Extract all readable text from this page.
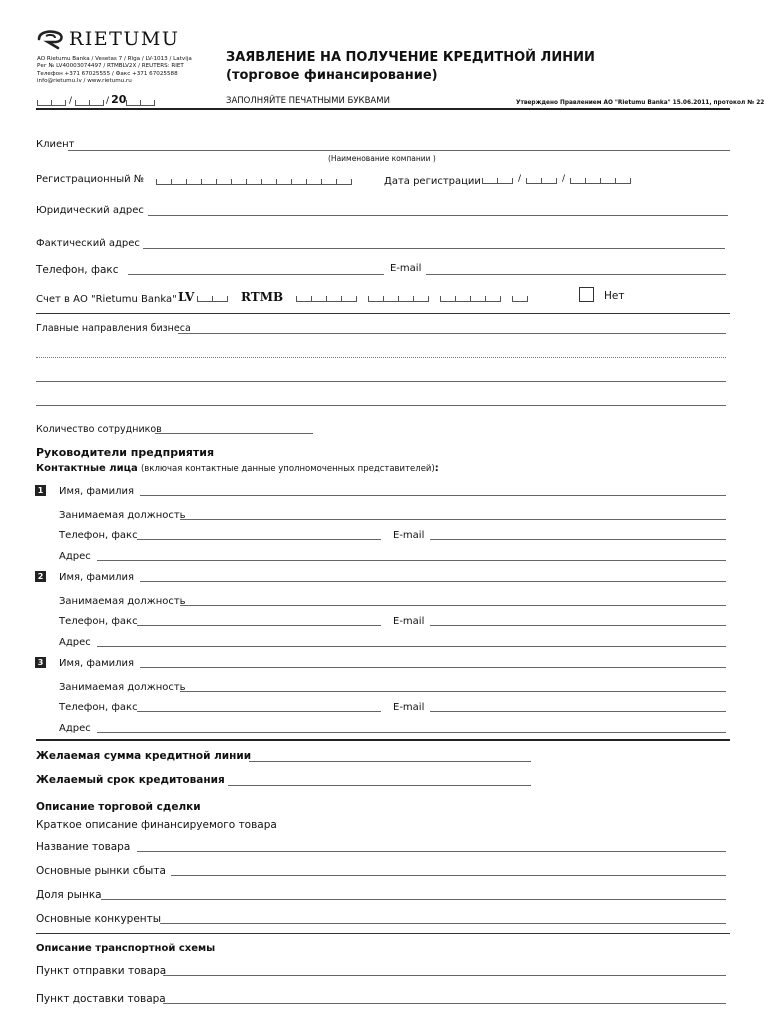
RIETUMU
AO Rietumu Banka / Vesetas 7 / Rīga / LV-1013 / Latvija
Рег № LV40003074497 / RTMBLV2X / REUTERS: RIET
Телефон +371 67025555 / Факс +371 67025588
info@rietumu.lv / www.rietumu.ru
/	/ 20
ЗАЯВЛЕНИЕ НА ПОЛУЧЕНИЕ КРЕДИТНОЙ ЛИНИИ
(торговое финансирование)
ЗАПОЛНЯЙТЕ ПЕЧАТНЫМИ БУКВАМИ	Утверждено Правлением АО "Rietumu Banka" 15.06.2011, протокол № 22
Клиент
(Наименование компании )
Регистрационный №	Дата регистрации	/	/
Юридический адрес
Фактический адрес
Телефон, факс	E-mail
Счет в АО "Rietumu Banka" LV	RTMB	Нет
Главные направления бизнеса
Количество сотрудников
Руководители предприятия
Контактные лица (включая контактные данные уполномоченных представителей):
1 Имя, фамилия
Занимаемая должность
Телефон, факс	E-mail
Адрес
2 Имя, фамилия
Занимаемая должность
Телефон, факс	E-mail
Адрес
3 Имя, фамилия
Занимаемая должность
Телефон, факс	E-mail
Адрес
Желаемая сумма кредитной линии
Желаемый срок кредитования
Описание торговой сделки
Краткое описание финансируемого товара
Название товара
Основные рынки сбыта
Доля рынка
Основные конкуренты
Описание транспортной схемы
Пункт отправки товара
Пункт доставки товара
